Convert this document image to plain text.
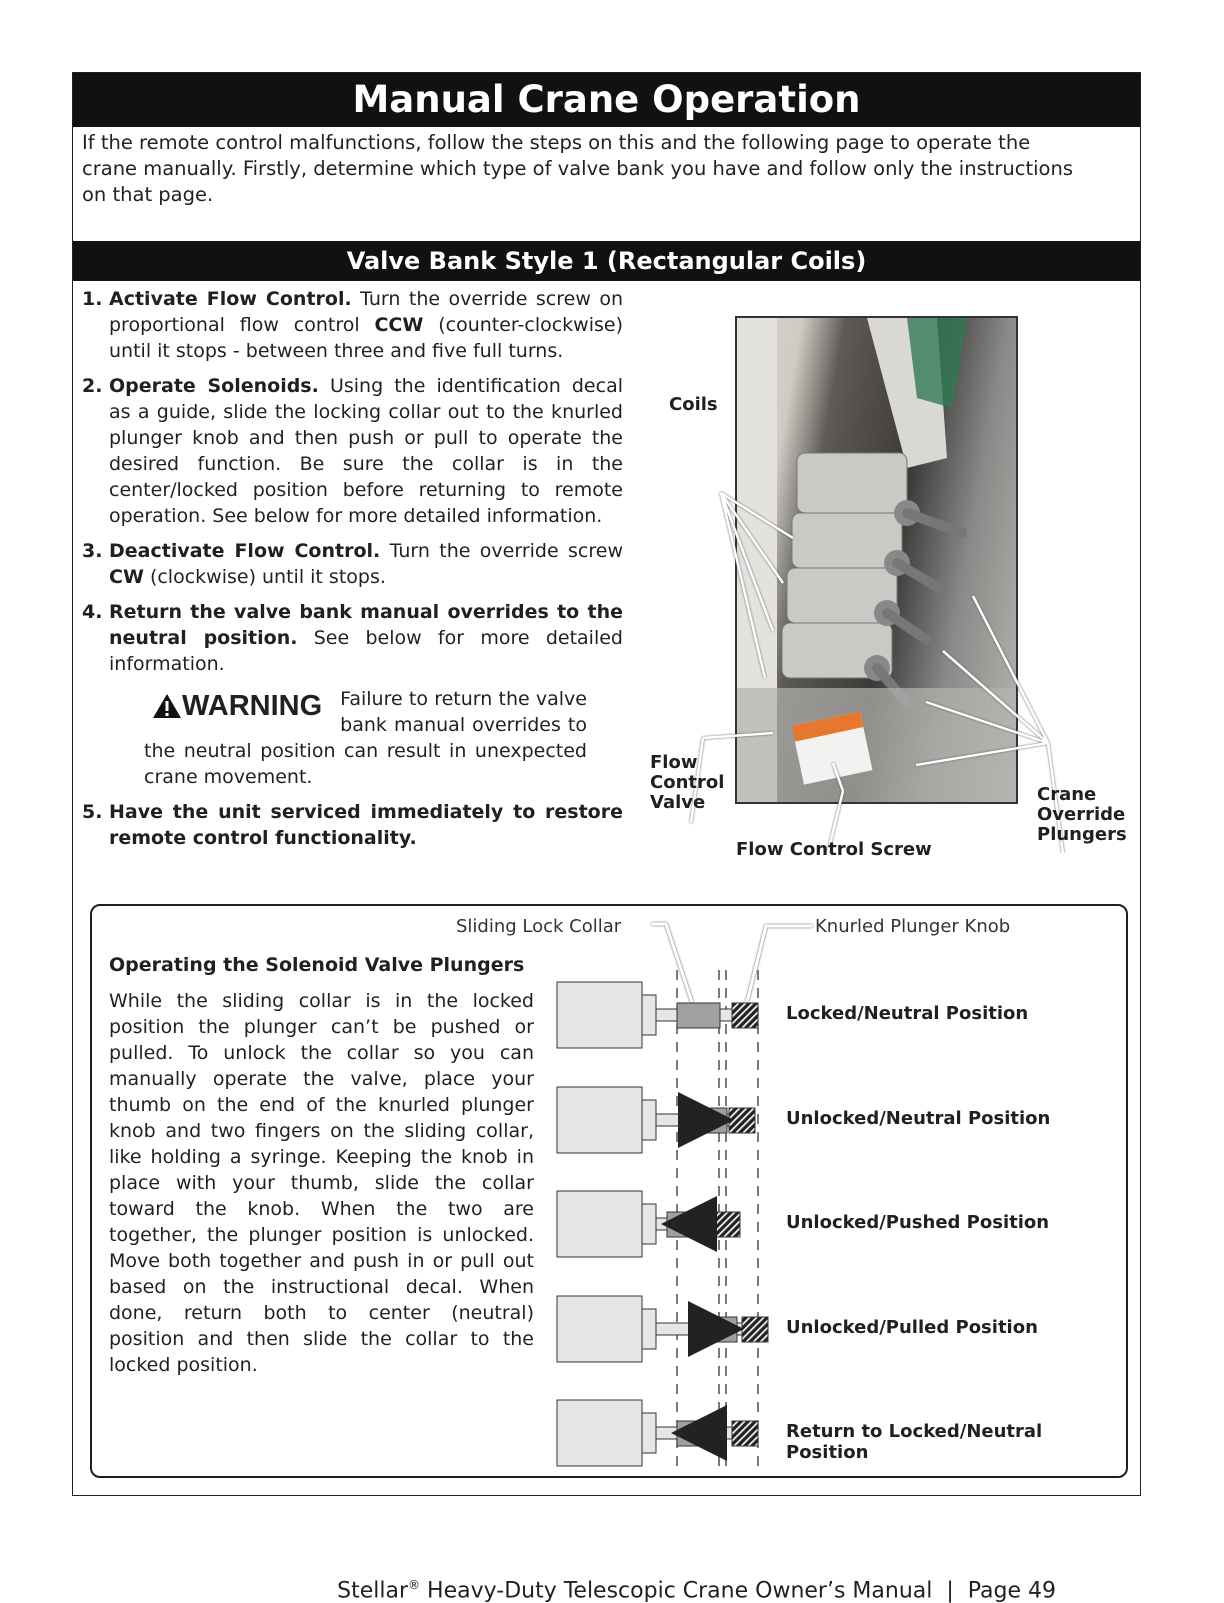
Manual Crane Operation

If the remote control malfunctions, follow the steps on this and the following page to operate the crane manually. Firstly, determine which type of valve bank you have and follow only the instructions on that page.

Valve Bank Style 1 (Rectangular Coils)
1. Activate Flow Control. Turn the override screw on proportional flow control CCW (counter-clockwise) until it stops - between three and five full turns.
2. Operate Solenoids. Using the identification decal as a guide, slide the locking collar out to the knurled plunger knob and then push or pull to operate the desired function. Be sure the collar is in the center/locked position before returning to remote operation. See below for more detailed information.
3. Deactivate Flow Control. Turn the override screw CW (clockwise) until it stops.
4. Return the valve bank manual overrides to the neutral position. See below for more detailed information.
WARNING Failure to return the valve bank manual overrides to the neutral position can result in unexpected crane movement.
5. Have the unit serviced immediately to restore remote control functionality.
Coils
Flow Control Valve
Flow Control Screw
Crane Override Plungers
Operating the Solenoid Valve Plungers

While the sliding collar is in the locked position the plunger can’t be pushed or pulled. To unlock the collar so you can manually operate the valve, place your thumb on the end of the knurled plunger knob and two fingers on the sliding collar, like holding a syringe. Keeping the knob in place with your thumb, slide the collar toward the knob. When the two are together, the plunger position is unlocked. Move both together and push in or pull out based on the instructional decal. When done, return both to center (neutral) position and then slide the collar to the locked position.

Sliding Lock Collar	Knurled Plunger Knob
Locked/Neutral Position
Unlocked/Neutral Position
Unlocked/Pushed Position
Unlocked/Pulled Position
Return to Locked/Neutral Position
Stellar® Heavy-Duty Telescopic Crane Owner’s Manual  |  Page 49
